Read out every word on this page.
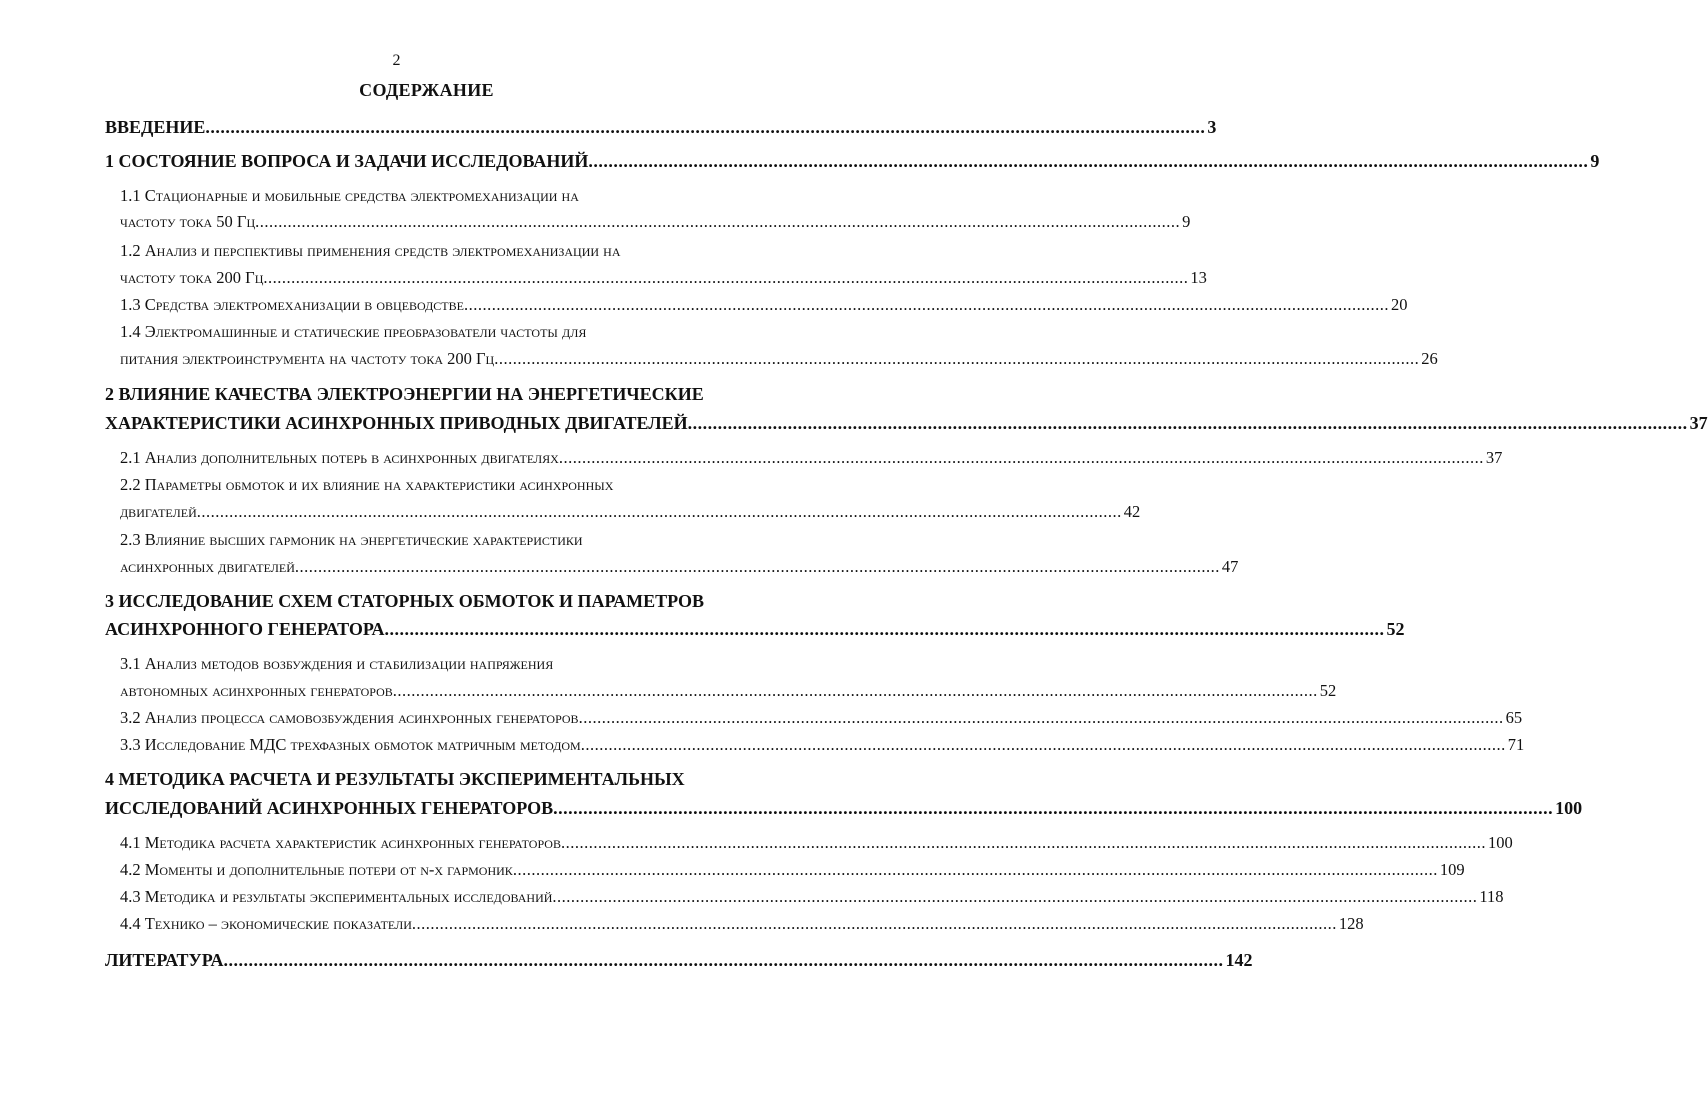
2
СОДЕРЖАНИЕ
ВВЕДЕНИЕ ........................................................................................................................................................................................................ 3
1 СОСТОЯНИЕ ВОПРОСА И ЗАДАЧИ ИССЛЕДОВАНИЙ ........................................................................................................................................................................................................ 9
1.1 Стационарные и мобильные средства электромеханизации на
частоту тока 50 Гц ........................................................................................................................................................................................................ 9
1.2 Анализ и перспективы применения средств электромеханизации на
частоту тока 200 Гц ........................................................................................................................................................................................................ 13
1.3 Средства электромеханизации в овцеводстве ........................................................................................................................................................................................................ 20
1.4 Электромашинные и статические преобразователи частоты для
питания электроинструмента на частоту тока 200 Гц ........................................................................................................................................................................................................ 26
2 ВЛИЯНИЕ КАЧЕСТВА ЭЛЕКТРОЭНЕРГИИ НА ЭНЕРГЕТИЧЕСКИЕ
ХАРАКТЕРИСТИКИ АСИНХРОННЫХ ПРИВОДНЫХ ДВИГАТЕЛЕЙ ........................................................................................................................................................................................................ 37
2.1 Анализ дополнительных потерь в асинхронных двигателях ........................................................................................................................................................................................................ 37
2.2 Параметры обмоток и их влияние на характеристики асинхронных
двигателей ........................................................................................................................................................................................................ 42
2.3 Влияние высших гармоник на энергетические характеристики
асинхронных двигателей ........................................................................................................................................................................................................ 47
3 ИССЛЕДОВАНИЕ СХЕМ СТАТОРНЫХ ОБМОТОК И ПАРАМЕТРОВ
АСИНХРОННОГО ГЕНЕРАТОРА ........................................................................................................................................................................................................ 52
3.1 Анализ методов возбуждения и стабилизации напряжения
автономных асинхронных генераторов ........................................................................................................................................................................................................ 52
3.2 Анализ процесса самовозбуждения асинхронных генераторов ........................................................................................................................................................................................................ 65
3.3 Исследование МДС трехфазных обмоток матричным методом ........................................................................................................................................................................................................ 71
4 МЕТОДИКА РАСЧЕТА И РЕЗУЛЬТАТЫ ЭКСПЕРИМЕНТАЛЬНЫХ
ИССЛЕДОВАНИЙ АСИНХРОННЫХ ГЕНЕРАТОРОВ ........................................................................................................................................................................................................ 100
4.1 Методика расчета характеристик асинхронных генераторов ........................................................................................................................................................................................................ 100
4.2 Моменты и дополнительные потери от ν-х гармоник ........................................................................................................................................................................................................ 109
4.3 Методика и результаты экспериментальных исследований ........................................................................................................................................................................................................ 118
4.4 Технико – экономические показатели ........................................................................................................................................................................................................ 128
ЛИТЕРАТУРА ........................................................................................................................................................................................................ 142
